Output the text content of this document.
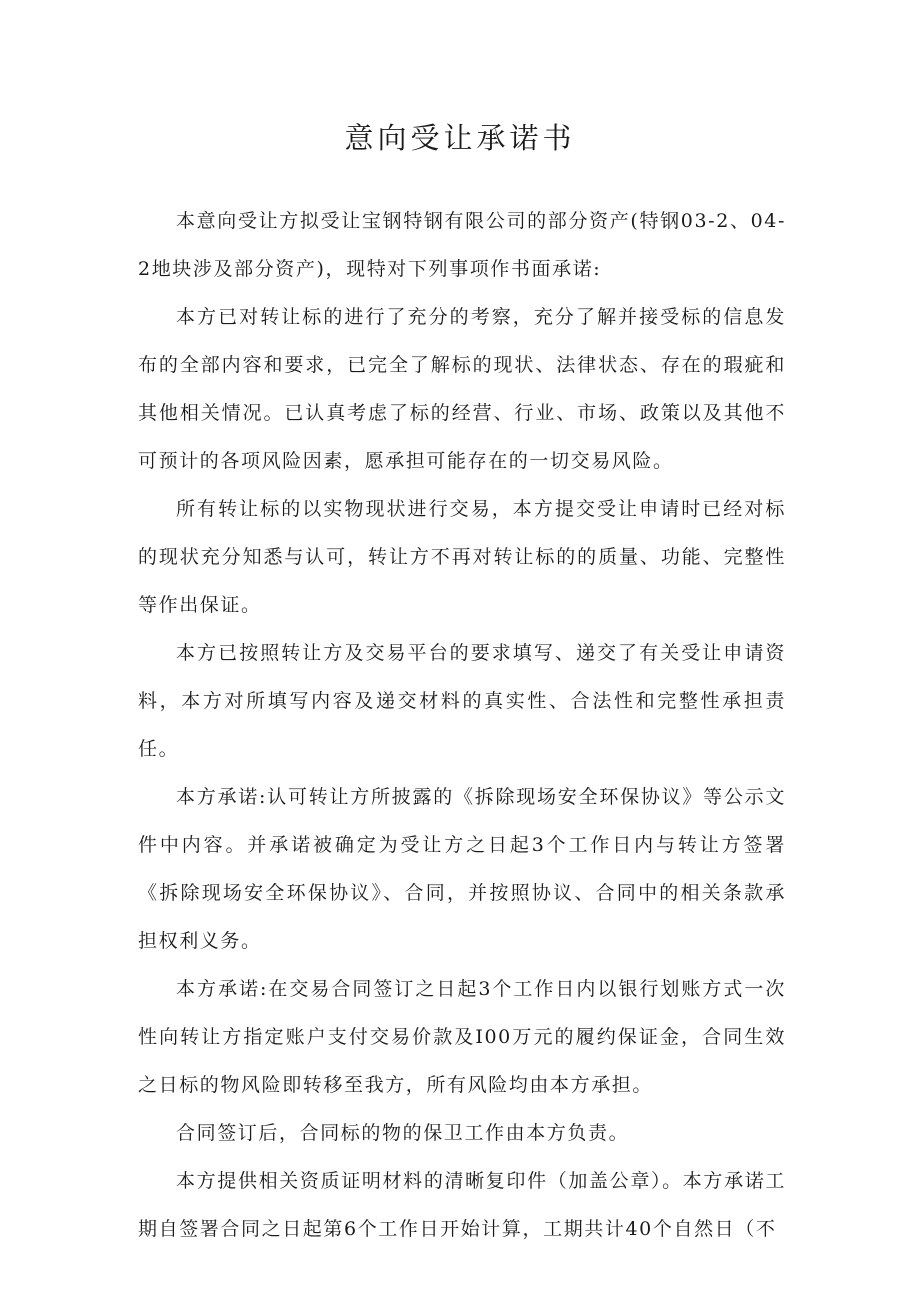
意向受让承诺书

本意向受让方拟受让宝钢特钢有限公司的部分资产(特钢03-2、04-2地块涉及部分资产)，现特对下列事项作书面承诺:

本方已对转让标的进行了充分的考察，充分了解并接受标的信息发布的全部内容和要求，已完全了解标的现状、法律状态、存在的瑕疵和其他相关情况。已认真考虑了标的经营、行业、市场、政策以及其他不可预计的各项风险因素，愿承担可能存在的一切交易风险。

所有转让标的以实物现状进行交易，本方提交受让申请时已经对标的现状充分知悉与认可，转让方不再对转让标的的质量、功能、完整性等作出保证。

本方已按照转让方及交易平台的要求填写、递交了有关受让申请资料，本方对所填写内容及递交材料的真实性、合法性和完整性承担责任。

本方承诺:认可转让方所披露的《拆除现场安全环保协议》等公示文件中内容。并承诺被确定为受让方之日起3个工作日内与转让方签署《拆除现场安全环保协议》、合同，并按照协议、合同中的相关条款承担权利义务。

本方承诺:在交易合同签订之日起3个工作日内以银行划账方式一次性向转让方指定账户支付交易价款及I00万元的履约保证金，合同生效之日标的物风险即转移至我方，所有风险均由本方承担。

合同签订后，合同标的物的保卫工作由本方负责。

本方提供相关资质证明材料的清晰复印件（加盖公章）。本方承诺工期自签署合同之日起第6个工作日开始计算，工期共计40个自然日（不
